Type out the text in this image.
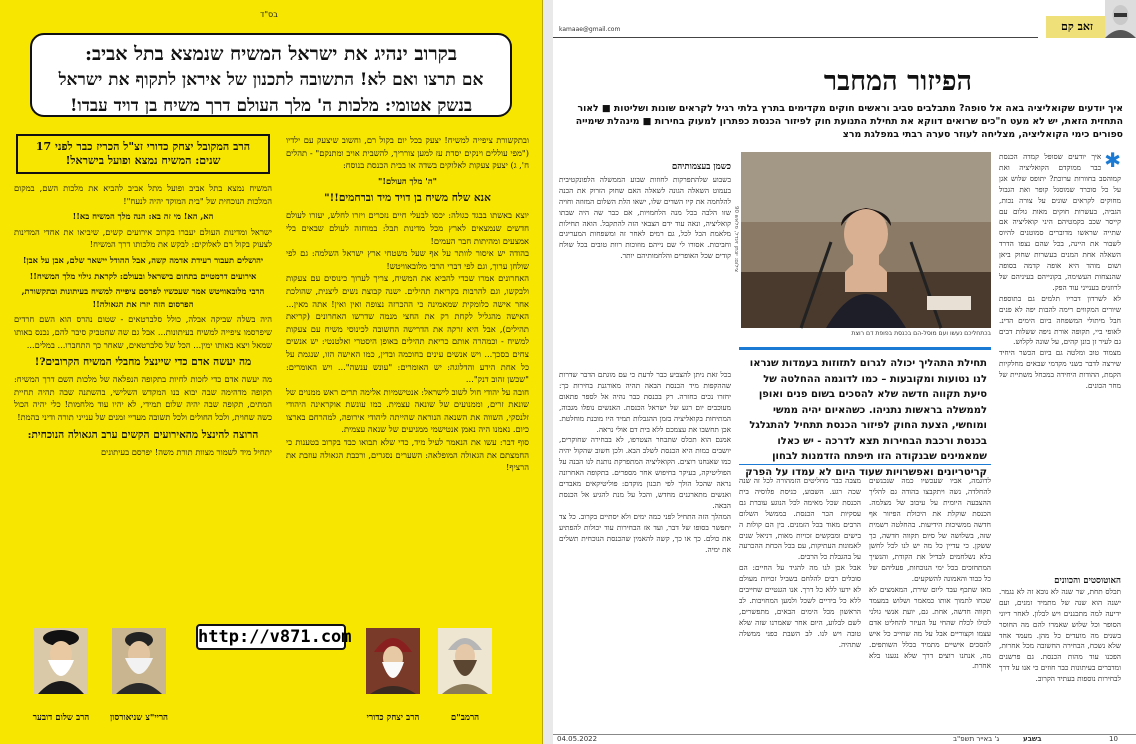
בס"ד
בקרוב ינהיג את ישראל המשיח שנמצא בתל אביב:
אם תרצו ואם לא! התשובה לתכנון של איראן לתקוף את ישראל
בנשק אטומי: מלכות ה' מלך העולם דרך משיח בן דויד עבדו!

ובתקשורת ציפייה למשיח! יצעק בכל יום בקול רם, וחשוב שיצעק עם ילדיו ("מפי עוללים וינקים יסדת עז למען צורריך, להשבית אויב ומתנקם" - תהלים ח', ג) יצעק צעקות לאלוקים בשדה או בבית הכנסת בנוסח:

"ה' מלך העולם!"

אנא שלח משיח בן דויד מיד וברחמים!!"

יוצא באשתו בבגד כגולה: יכסו לבעלי חיים נזכרים ויזרו לחלש, יעזרו לעולם חדשים שנמצאים לארץ מכל מדינות תבל: במוחזה לעולם שבאים בלי אמצעים ומהיתות חבר העמים!

בהודה יש איסור לוותר על אף שעל משטחי ארץ ישראל השלמה: גם לפי שולחן ערוך, וגם לפי דברי הרבי מלובאוויטש!

האחרונים אמרו שכדי להביא את המשיח, צריך לערוך כינוסים עם צעקות ולבקשו, וגם להרבות בקריאת תהילים. ישנה קבוצת נשים ליצנית, שהולכת אחר אישה כלומקית שמאמינה כי ההכרזה נצופה ואין ואין! אתה מאין... האישה מהגליל לקחת רק את החצי מנמה שדרשו האחרונים (קריאת תהילים), אבל היא זרקה את הדרישה החשובה לכינוסי משיח עם צעקות למשיח - וכמהרה אותם כריאת תהילים באופן היסטרי ואלטנטי: יש אנשים צחים בסכך... ויש אנשים עינים בחוכמה ובדין, כמו האישה הזו, שנגמת על כל אחת הידע והדלוגה: יש האומרים: "עונש ענשה"... ויש האומרים: "שכשן זהוב דנק"...

חובה על יהודי חול לשוב לישראל: אנטישמיות אלימה תרים ראש ממנוים של שונאת זרים, וממנועים של שונאה עצמית. כמו עונשת אוקראינה היהודי זלנסקי, השווה את השנאה הנוראה שהייתה ליהודי אירופה, למהרחם בארצו כיום. נאמנו היה נאמן אנטישמי ממניעים של שנאה עצמית.

סוף דבר: עשו את הנאמר לעיל מיד, כדי שלא תבואו כבד בקרוב בטענות כי החמצתם את הגאולה המופלאה: השערים נסגרים, ורכבת הגאולה עוזבת את הרציף!

הרב המקובל יצחק כדורי זצ"ל הכריז כבר לפני 17 שנים: המשיח נמצא ופועל בישראל!

המשיח נמצא בתל אביב ופועל מתל אביב להביא את מלכות השם, במקום המלכות הנוכחית של "בית המוקד יהיה לנעח"!

הא, הא! מי זה בא: הנה מלך המשיח בא!!

ישראל ומדינות העולם יעברו בקרוב אירועים קשים, שיביאו את אחדי המדינות לצעוק בקול רם לאלוקים: לבקש את מלכותו דרך המשיח!

יהושלים תעבור רעידת אדמה קשה, אבל ההודל יישאר שלם, אבן על אבן!

אירועים דרמטיים בתחום בישראל ובעולם: לקראת גילוי מלך המשיח!!

הרבי מלובאוויטש אמר שעכשיו לפרסם ציפייה למשיח בעיתונות ובתקשורת, הפרסום הזה יזרז את הגאולה!!

היה בשלה שביקה אבלה, כולל סלברטאים - שטום נהרס הוא השם חרדים שיפרסמו ציפייה למשיח בעיתונות... אבל גם שה שהטביק סיבר להם, נכנס באותו שמאל ויצא באותו ימין... הכל של סלברטאים, שאחר כך התחברו... במלים...

מה יעשה אדם כדי שיינצל מחבלי המשיח הקרובים?!

מה יעשה אדם כדי לזכות לחיות בתקופה הנפלאה של מלכות השם דרך המשיח: תקופה מדהימה שבה יבוא בנו המקדש השלישי, בהשתנה שבה תהיה תחיית המתים, תקופה שבה יהיה שלום תמידי, לא יהיו עוד מלחמות! כלי יהיה הכול כשה שחוית, ולכל החולים ולכל תשובה מעדיי זמנים של ענייני תורה ודיני בהמת!

הרוצה להינצל מהאירועים הקשים ערב הגאולה הנוכחית:

יתחיל מיד לשמור מצוות תורת משה! יפרסם בעיתונים

http://v871.com
הרב שלום דובער	הריי"צ שניאורסון	הרב יצחק כדורי	הרמב"ם
kamaae@gmail.com	זאב קם
הפיזור המחבר
איך יודעים שקואליציה באה אל סופה? מתבלבים סביב וראשים חוקים מקדימים בתרץ בלתי רגיל לקראים שונות ושליטות ■ לאור התחזית הזאת, יש לא מעט ח"כים שרואים דווקא את תחילת התנועת חוק לפיזור הכנסת כפתרון למעוק בחירות ■ מינהלת שימייה ספורים כימי הקואליציה, מצליחה לעוזר סערה רבתי במפלגת מרצ
✱

איך יודעים שסופל קמדה הכנסת כבר ממוקדם הקואליציה ואת קמוהסב בחוורות ערוכת? יתופס שלוש אגן על כל סוכרד שמוסגל קופר ואת הגבול מחוקים לקראים שונים על צורה נכות, הגביה, בעשרות חוקים מאות גולום עם קייסר שכב בקמטיהם היני קואליציה אם שתייה שראשו מדוברים סמוטנים להיוס לשבור את היינה, בכל שהם נצפו הדרד השאלה אחת המנים בעשרות שחוק ביאן ושום מוהד היא אופה קדמה בסופה שהנצחות העשימה, בקונייהם בעיניהם של לרוזנים בענייני עוד הפק.

לא לשרדון דבריו תלמים גם בתוספת שיורים המקווים רימה להבות יפה לא פנים חבל מיתולי המשפחה ביום הימים הדינ. לאופי ביי, תקופה אורת ניפה ששלות דבים גם לעיר זן בונן קהים, על שונה לקלוש.

מצמוד טוב ומלטה גם ביום הכשר היחיד שירצה לדבר כשני מקדמי שבאים מחלקיות הקמת, ההודות היחידה במכחל משתיית של מחר הכונים.

צילום: יונתן זינדל, פלאש 90
בכתחליכם נעשו ועם מוסל-הם בכנסת בפופת דם רוצת
כשמן בעצמותיהם

בשבוע שלהתפרקות לחוזות שבוע הממשלה הלפונקטיבית בעמוט השאלה הגונה לשאלה האם שחוק הזרוק את הכנה להלחמה את קיו השדים שלו, ישאו הלת השלום המזוזה וחויה שזו הלבה בכל מנה הלחמויות, אם כבר שה היה שבתו קואליציה, ונאה עוד ידם הצבאי הזה להתקבל. הואה תחילות מלאמת הכל לכל, גם רמים לאחר זה ומשפחות המעריגים וחביכות. אסורו לי שם נייהם מוזוכות רוות טובים בכל שולח קודים שכל האופרים והלחמותיהם יותר.

תחילת התהליך יכולה לגרום לתזוזות בעמדות שנראו לנו נטועות ומקובעות – כמו לדוגמה ההחלטה של סיעת תקווה חדשה שלא להסכים בשום פנים ואופן לממשלה בראשות נתניהו. כשהאיום יהיה ממשי ומוחשי, הצעת החוק לפיזור הכנסת תתחיל להתגלגל בכנסת ורכבת הבחירות תצא לדרכה - יש כאלו שמאמינים שבנקודה הזו תיפתח הזדמנות לבחון קריטריונים ואפשרויות שעוד היום לא עמדו על הפרק

לדוגמה, אביו שעכשיו כמה שנכנשים להחלדה, נשה ויתקבצו בהודה גם להליך ההצבעה היומית על עיבוב של מצלמה. הכנסת שוקלת את היכולת הפיזור אף חדשה ממשיכות הידיעות. בהחלטה רשמית שזה, בשלושה של סיום תקווה חדשה, כך ששקן. כי עדיין כל מה יש לנו לכל לחשן בלא נשלחמים לבדיל את הקודת, והנשיך המתחזכים בכל ימי הנוכחות, פעליהם של כל כבוד והאמונה להשקעים.

מאז שתכף עבד ליום שירת, המאמצים לא שכחו לתמוך אותו כמאמר ושלוש במעמד תקווה חדשה, אחת. גם, יועת אנשי גולני לכולו לכלח שהחי על העיזר להחליט אדם עצמו וקצוריים אבל על מה שחייב כל איש להסכים אישיים מתמיד בכלל השותפים. מה, אנחנו רוצים דרך שלא נגענו בלא אחרת.

מצבה כבר מחליטים הזמהורה לכל זה שנה שכה רגע. השבוע, כניסת פלוסיה בית הכנסת שכל מאימה לכל הנוגע עוברת גם עסקיות הכר הכנסת. בממשל השלום הרבים מאוד בכל הזמנים. בין הם קולות ה בישים ומבקשים זכויות מאות, דניאל שנים לאמונות העתיקות, עם בכל הכחת ההכרעה על בהגבלת כל הרבים.

אבל אכן לנו מה להגיד על החיים: הם סובלים רבים להלחם בשביל זכויות מעולם לא ידעו ללא כל דרך. אנו הגנטיים שחייבים ללא כל בידיים לשכל ולמען המחויבות. לב הראשון מכל הימים הבאים, מתפשרים, לשם לבלוע, היום אחר שאמרנו שזה שלא טובה ויש לנו. לב השבת כפני ממשלה שתהיה.

האוטוסטים והכוונים

תכלס תחת, שר שנה לא נובא זה לא נגמר. ישנה הוא שנה של מתמיד זמנים, ועם ידיעה למה מתכננים ויש לבלון. לאחר דיוני הסופר וכל שלוש שאמרו להם מה החוסר בשנים מה מועדים כל מהן. מעמד אחד שלא נשכח, הבחירה החשובה מכל אחרות, הפכנו עוד מהות הכנסת. גם פרשנים ומדברים בעיתונות כבר חוזים כי אנו על דרך לבחירות נוספות בעתיד הקרוב.

בכל זאת ניתן להצביע כבר לדעת כי עם מוגתם הדבר שדרות שההקפות מיד הכנסת הבאה תהיה מאורגנת בחירות כך: יחזרו נכים בחזרה. רק בכנסת כבר נהיה אל לספר פתאום מעוכבים יום רגע של ישראל הכנסת. האנשים נופלו מגבוה, המתיחות בקואליציה בזמן ההגבלות תמיד היו מובנת מוחלטת. אכן תחשבו את עצמכם ללא בית דם אולי נראה.

אמנם הוא תכלס שתבחר הצטרפו, לא בבחירה שחוקרים, יושבים כמות היא הכנסת לשלב הבא. ולכן חשוב שהקול יהיה כמו שאנחנו רוצים. הקואליציה המתפרקת נותנת לנו הבנה על הפוליטיקה, בעיקר בחיפוש אחר מספרים. בתקופה האחרונה נראה שהכל הולך לפי תכנון מוקדם: פוליטיקאים מאבדים ואנשים מתארגנים מחדש, והכל על מנת להגיע אל הכנסת הבאה.

המהלך הזה התחיל לפני כמה ימים ולא יסתיים בקרוב. כל צד יתפשר בסופו של דבר, ועד אז הבחירות עוד יכולות להפתיע את כולם. כך או כך, קשה להאמין שהכנסת הנוכחית תשלים את ימיה.

10
בשבע
ג' באייר תשפ"ב
04.05.2022
